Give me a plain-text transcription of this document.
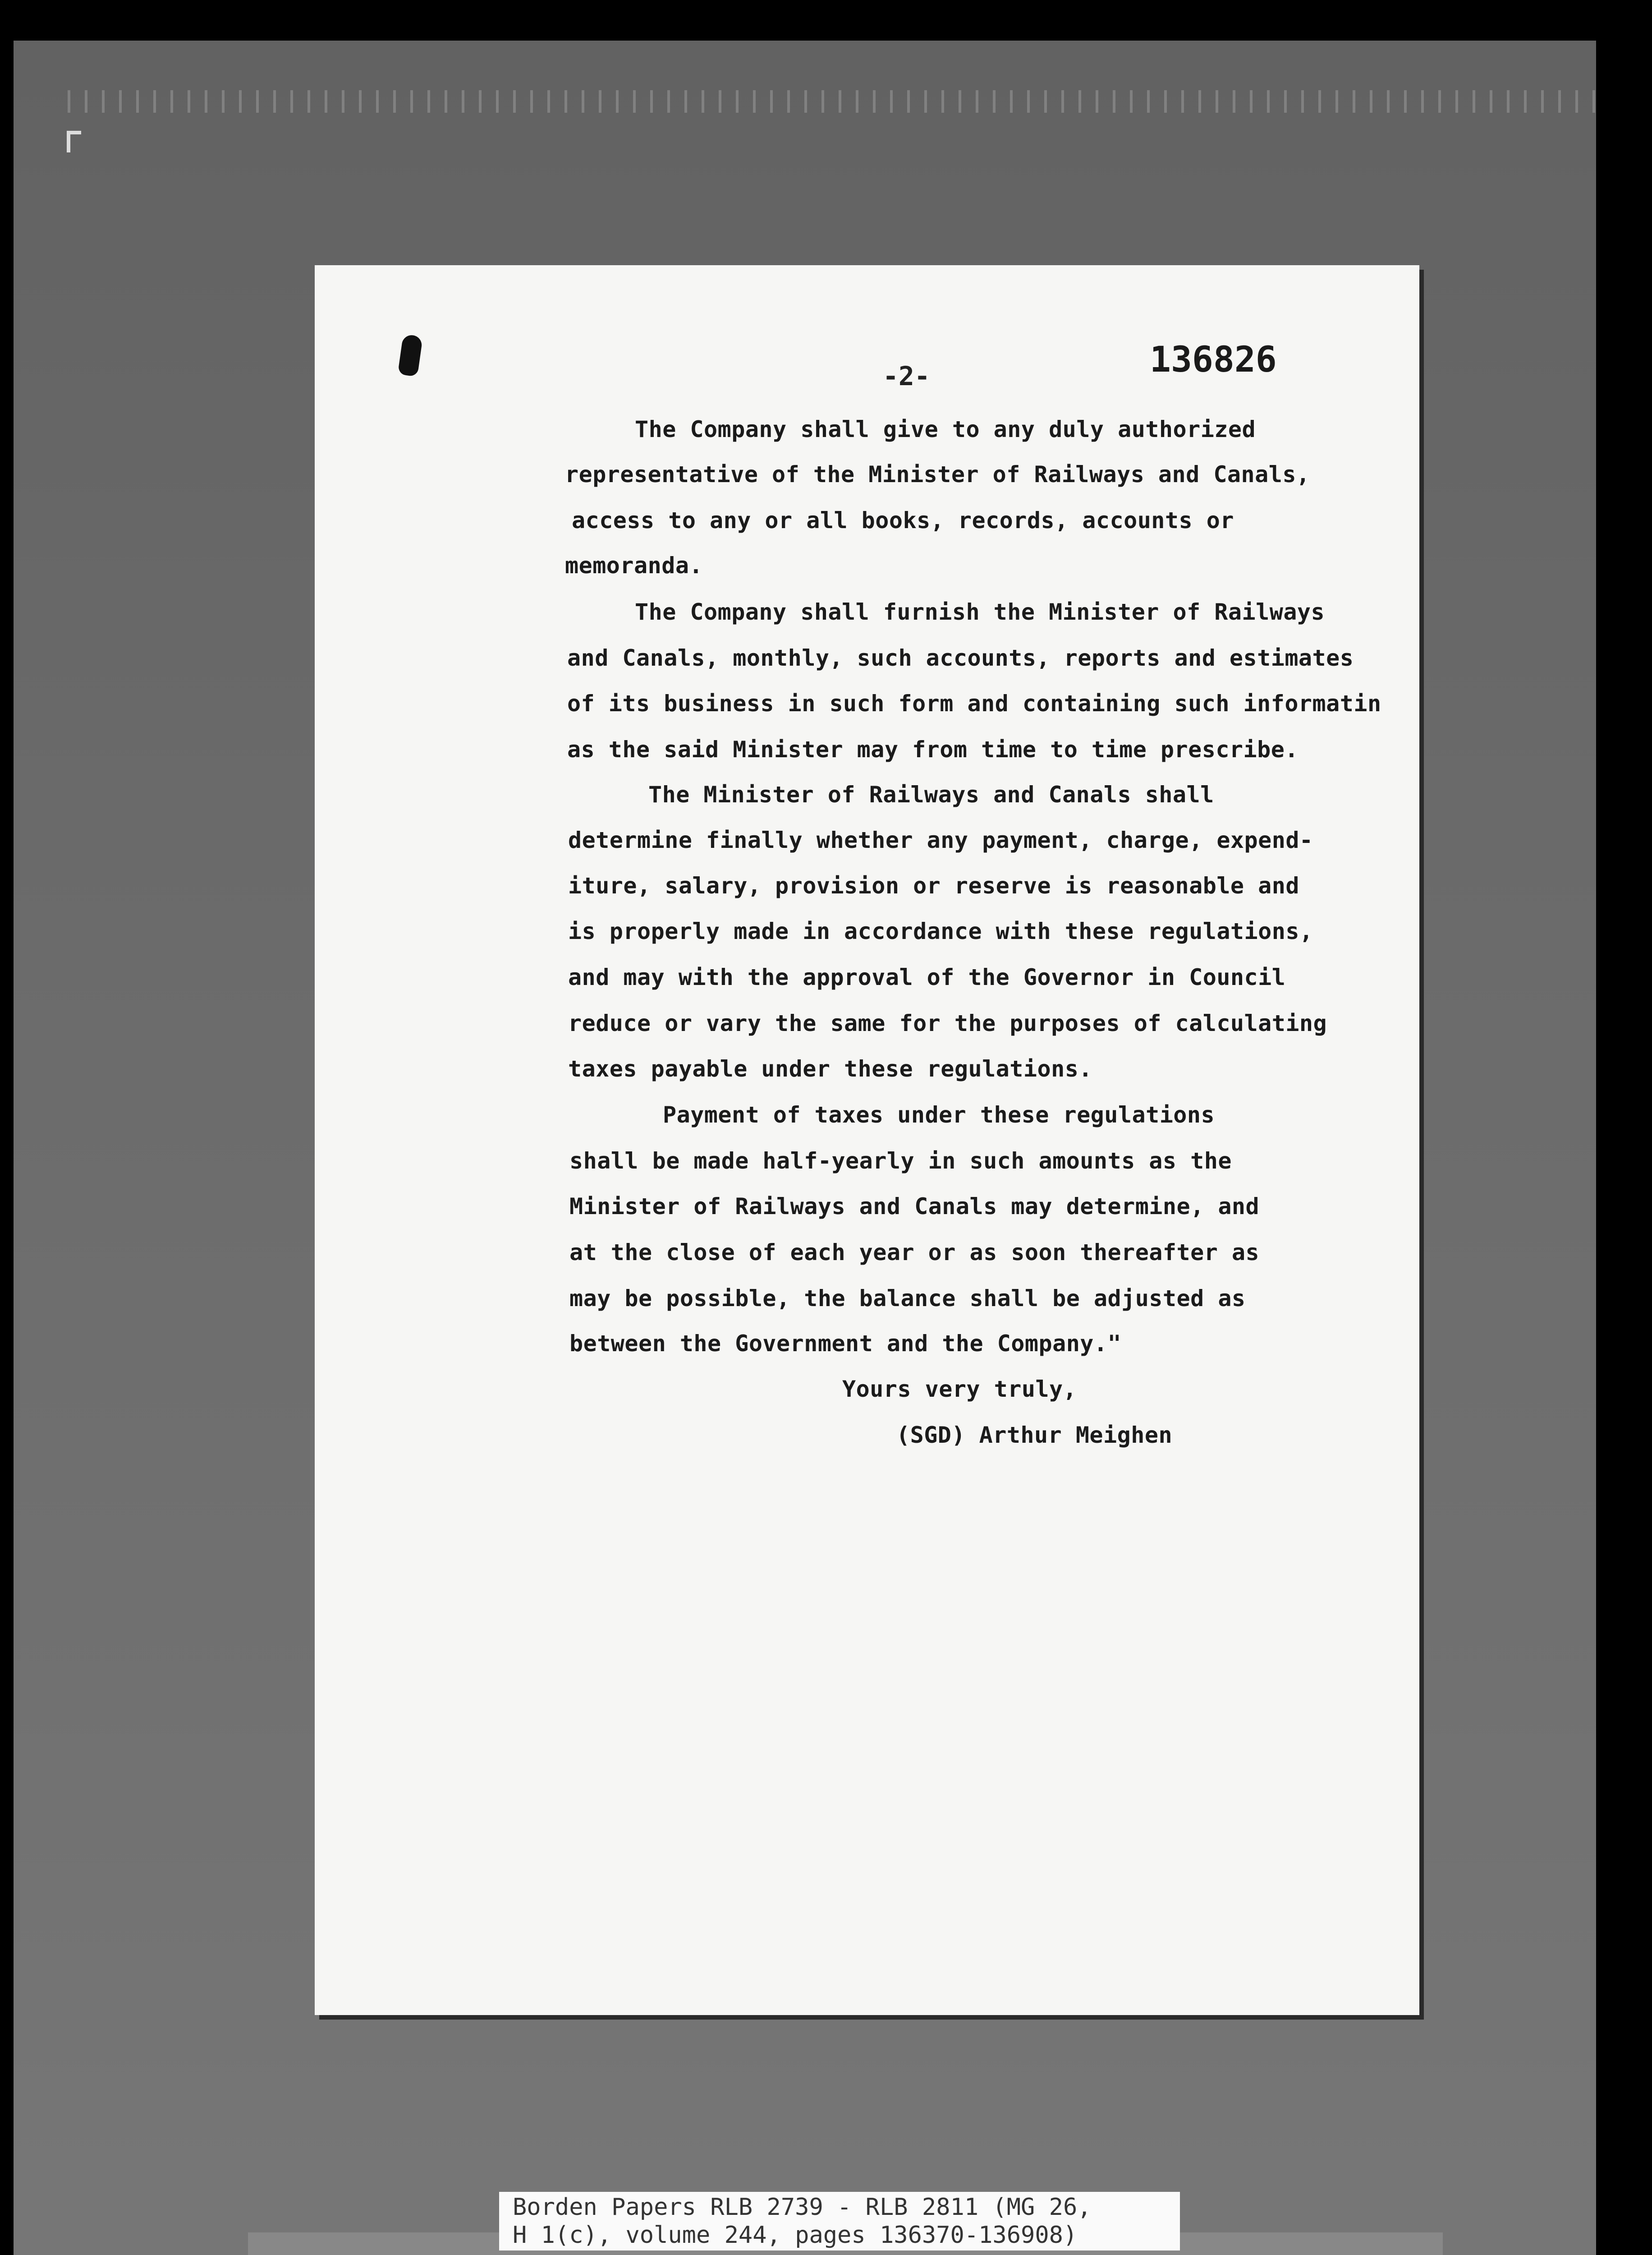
-2-	136826
The Company shall give to any duly authorized
representative of the Minister of Railways and Canals,
access to any or all books, records, accounts or
memoranda.
The Company shall furnish the Minister of Railways
and Canals, monthly, such accounts, reports and estimates
of its business in such form and containing such informatin
as the said Minister may from time to time prescribe.
The Minister of Railways and Canals shall
determine finally whether any payment, charge, expend-
iture, salary, provision or reserve is reasonable and
is properly made in accordance with these regulations,
and may with the approval of the Governor in Council
reduce or vary the same for the purposes of calculating
taxes payable under these regulations.
Payment of taxes under these regulations
shall be made half-yearly in such amounts as the
Minister of Railways and Canals may determine, and
at the close of each year or as soon thereafter as
may be possible, the balance shall be adjusted as
between the Government and the Company."
Yours very truly,
(SGD) Arthur Meighen
Borden Papers RLB 2739 - RLB 2811 (MG 26,
H 1(c), volume 244, pages 136370-136908)
